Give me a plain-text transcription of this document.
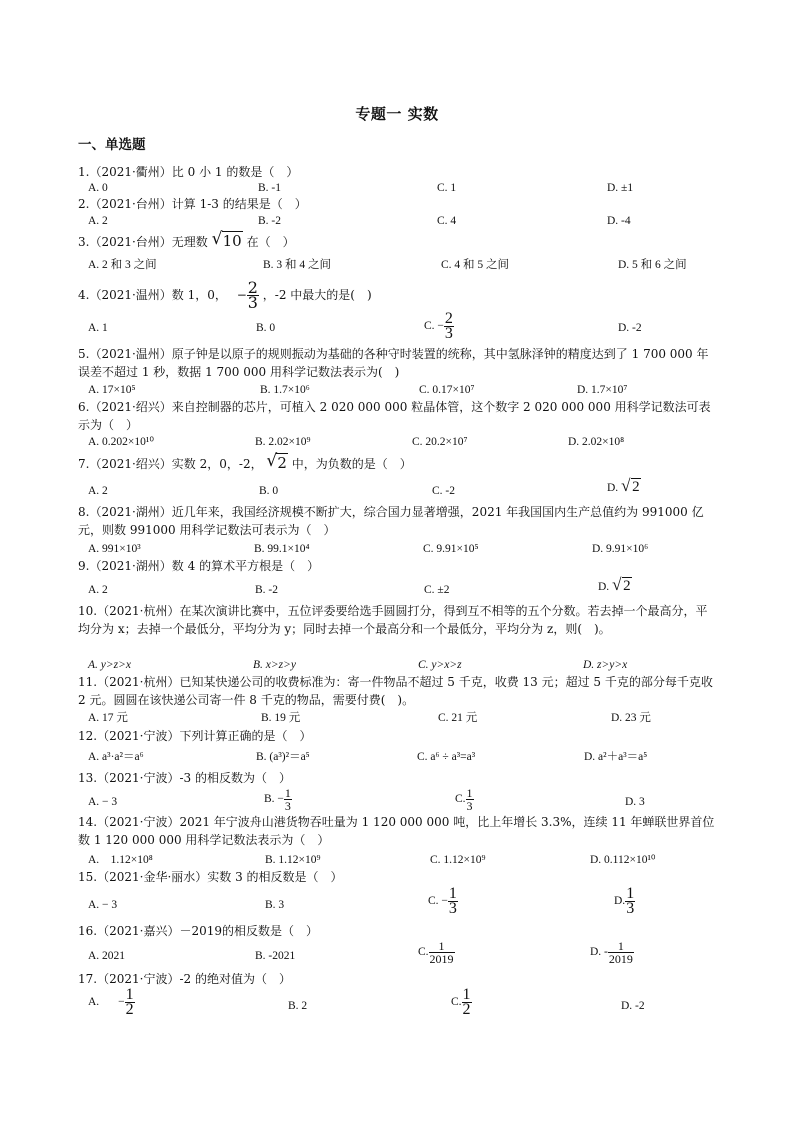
专题一 实数
一、单选题
1.（2021·衢州）比 0 小 1 的数是（　）
A. 0	B. -1	C. 1	D. ±1
2.（2021·台州）计算 1-3 的结果是（　）
A. 2	B. -2	C. 4	D. -4
3.（2021·台州）无理数 √ 10 在（　）
A. 2 和 3 之间	B. 3 和 4 之间	C. 4 和 5 之间	D. 5 和 6 之间
4.（2021·温州）数 1，0， − $\frac{2}{3}$ ，-2 中最大的是(　)
A. 1	B. 0	C. − $\frac{2}{3}$	D. -2
5.（2021·温州）原子钟是以原子的规则振动为基础的各种守时装置的统称，其中氢脉泽钟的精度达到了 1 700 000 年误差不超过 1 秒，数据 1 700 000 用科学记数法表示为(　)
A. 17×10⁵	B. 1.7×10⁶	C. 0.17×10⁷	D. 1.7×10⁷
6.（2021·绍兴）来自控制器的芯片，可植入 2 020 000 000 粒晶体管，这个数字 2 020 000 000 用科学记数法可表示为（　）
A. 0.202×10¹⁰	B. 2.02×10⁹	C. 20.2×10⁷	D. 2.02×10⁸
7.（2021·绍兴）实数 2，0，-2， √ 2 中，为负数的是（　）
A. 2	B. 0	C. -2	D. √ 2
8.（2021·湖州）近几年来，我国经济规模不断扩大，综合国力显著增强，2021 年我国国内生产总值约为 991000 亿元，则数 991000 用科学记数法可表示为（　）
A. 991×10³	B. 99.1×10⁴	C. 9.91×10⁵	D. 9.91×10⁶
9.（2021·湖州）数 4 的算术平方根是（　）
A. 2	B. -2	C. ±2	D. √ 2
10.（2021·杭州）在某次演讲比赛中，五位评委要给选手圆圆打分，得到互不相等的五个分数。若去掉一个最高分，平均分为 x；去掉一个最低分，平均分为 y；同时去掉一个最高分和一个最低分，平均分为 z，则(　)。
A. y>z>x	B. x>z>y	C. y>x>z	D. z>y>x
11.（2021·杭州）已知某快递公司的收费标准为：寄一件物品不超过 5 千克，收费 13 元；超过 5 千克的部分每千克收 2 元。圆圆在该快递公司寄一件 8 千克的物品，需要付费(　)。
A. 17 元	B. 19 元	C. 21 元	D. 23 元
12.（2021·宁波）下列计算正确的是（　）
A. a³·a²＝a⁶	B. (a³)²＝a⁵	C. a⁶ ÷ a³=a³	D. a²＋a³＝a⁵
13.（2021·宁波）-3 的相反数为（　）
A. − 3	B. − $\frac{1}{3}$	C. $\frac{1}{3}$	D. 3
14.（2021·宁波）2021 年宁波舟山港货物吞吐量为 1 120 000 000 吨，比上年增长 3.3%，连续 11 年蝉联世界首位数 1 120 000 000 用科学记数法表示为（　）
A.　1.12×10⁸	B. 1.12×10⁹	C. 1.12×10⁹	D. 0.112×10¹⁰
15.（2021·金华·丽水）实数 3 的相反数是（　）
A. − 3	B. 3	C. − $\frac{1}{3}$	D. $\frac{1}{3}$
16.（2021·嘉兴）－2019的相反数是（　）
A. 2021	B. -2021	C. $\frac{1}{2019}$	D. - $\frac{1}{2019}$
17.（2021·宁波）-2 的绝对值为（　）
A. − $\frac{1}{2}$	B. 2	C. $\frac{1}{2}$	D. -2
